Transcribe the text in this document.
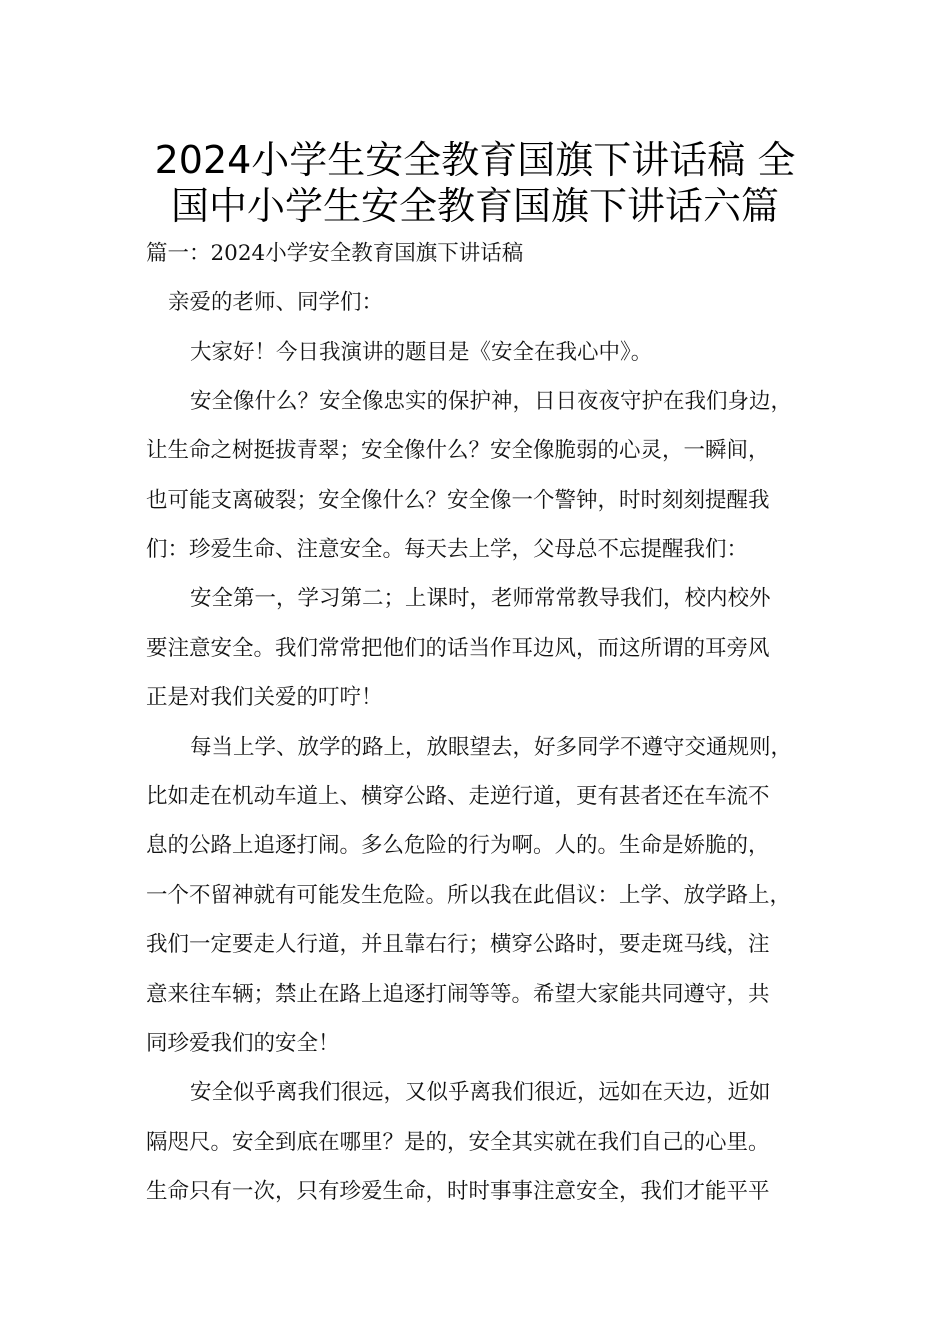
2024小学生安全教育国旗下讲话稿 全
国中小学生安全教育国旗下讲话六篇

篇一：2024小学安全教育国旗下讲话稿

亲爱的老师、同学们：

大家好！今日我演讲的题目是《安全在我心中》。

安全像什么？安全像忠实的保护神，日日夜夜守护在我们身边，

让生命之树挺拔青翠；安全像什么？安全像脆弱的心灵，一瞬间，

也可能支离破裂；安全像什么？安全像一个警钟，时时刻刻提醒我

们：珍爱生命、注意安全。每天去上学，父母总不忘提醒我们：

安全第一，学习第二；上课时，老师常常教导我们，校内校外

要注意安全。我们常常把他们的话当作耳边风，而这所谓的耳旁风

正是对我们关爱的叮咛！

每当上学、放学的路上，放眼望去，好多同学不遵守交通规则，

比如走在机动车道上、横穿公路、走逆行道，更有甚者还在车流不

息的公路上追逐打闹。多么危险的行为啊。人的。生命是娇脆的，

一个不留神就有可能发生危险。所以我在此倡议：上学、放学路上，

我们一定要走人行道，并且靠右行；横穿公路时，要走斑马线，注

意来往车辆；禁止在路上追逐打闹等等。希望大家能共同遵守，共

同珍爱我们的安全！

安全似乎离我们很远，又似乎离我们很近，远如在天边，近如

隔咫尺。安全到底在哪里？是的，安全其实就在我们自己的心里。

生命只有一次，只有珍爱生命，时时事事注意安全，我们才能平平
